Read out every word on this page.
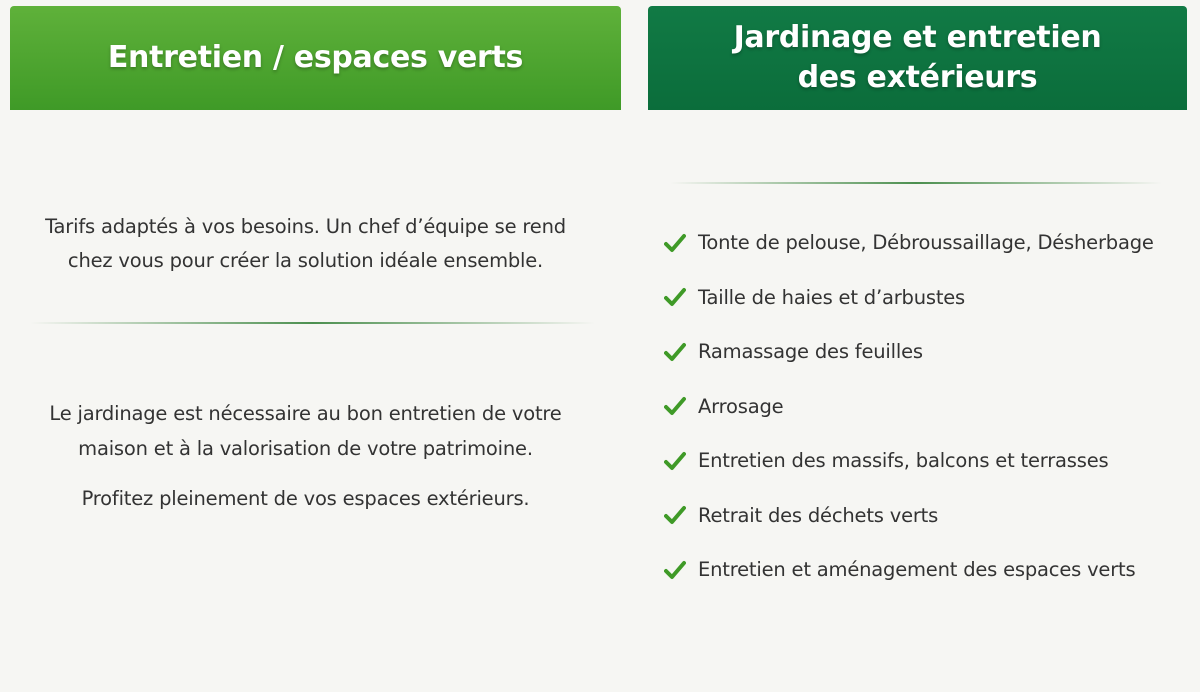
Entretien / espaces verts
Tarifs adaptés à vos besoins. Un chef d’équipe se rend
chez vous pour créer la solution idéale ensemble.

Le jardinage est nécessaire au bon entretien de votre

maison et à la valorisation de votre patrimoine.

Profitez pleinement de vos espaces extérieurs.

Jardinage et entretien
des extérieurs
Tonte de pelouse, Débroussaillage, Désherbage
Taille de haies et d’arbustes
Ramassage des feuilles
Arrosage
Entretien des massifs, balcons et terrasses
Retrait des déchets verts
Entretien et aménagement des espaces verts
